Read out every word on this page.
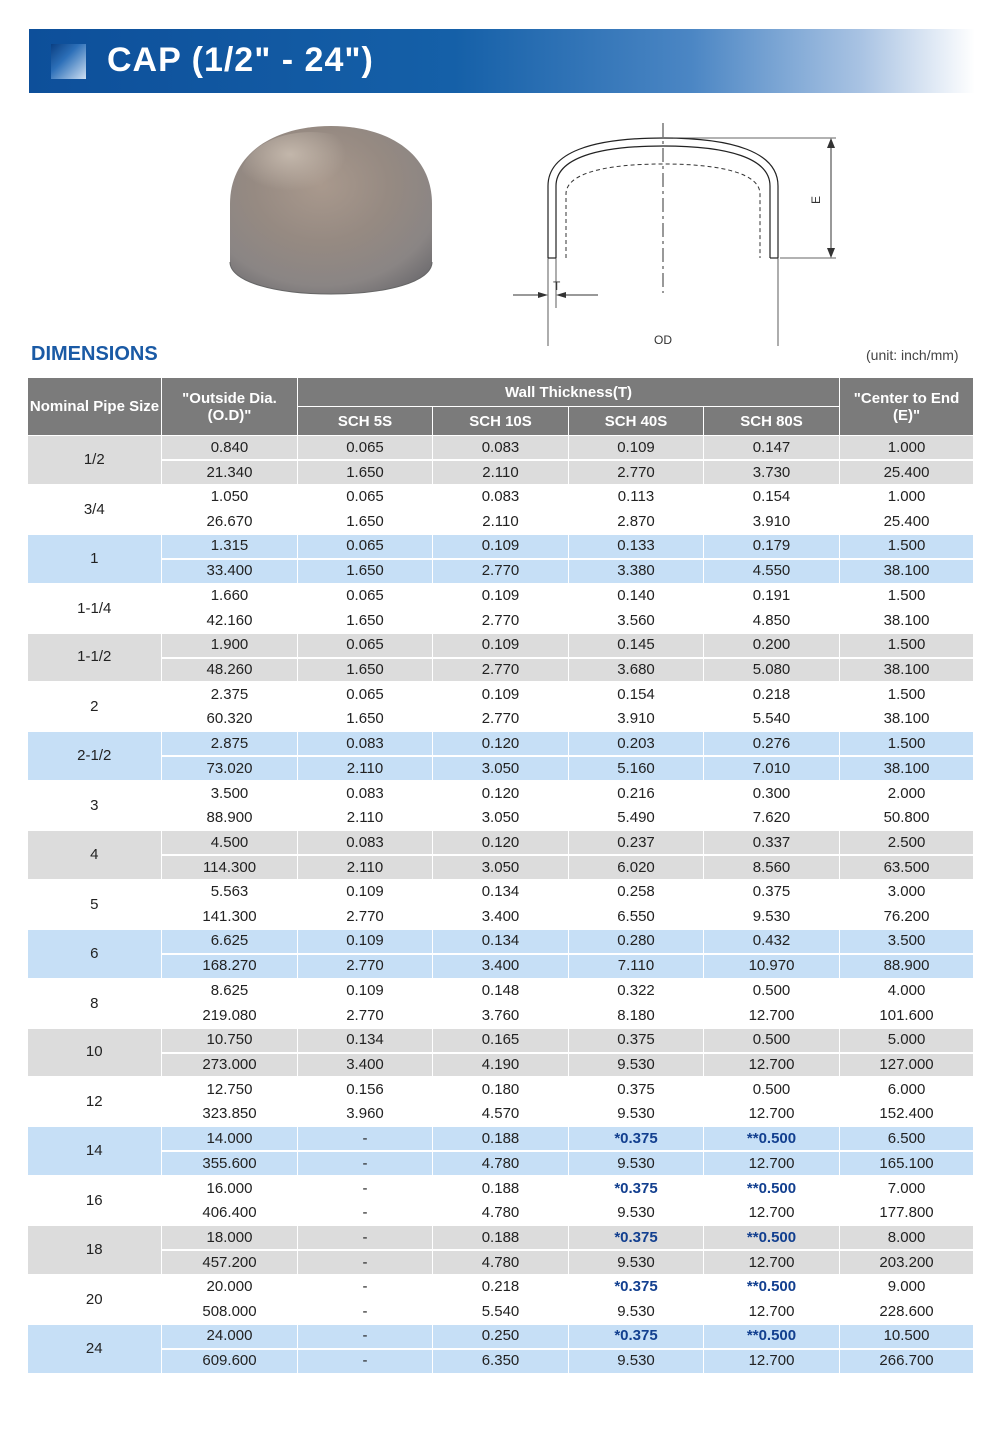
CAP (1/2" - 24")
E
T
OD
DIMENSIONS	(unit: inch/mm)
Nominal Pipe Size	"Outside Dia. (O.D)"	Wall Thickness(T)				"Center to End (E)"
		SCH 5S	SCH 10S	SCH 40S	SCH 80S	
1/2	0.840	0.065	0.083	0.109	0.147	1.000
	21.340	1.650	2.110	2.770	3.730	25.400
3/4	1.050	0.065	0.083	0.113	0.154	1.000
	26.670	1.650	2.110	2.870	3.910	25.400
1	1.315	0.065	0.109	0.133	0.179	1.500
	33.400	1.650	2.770	3.380	4.550	38.100
1-1/4	1.660	0.065	0.109	0.140	0.191	1.500
	42.160	1.650	2.770	3.560	4.850	38.100
1-1/2	1.900	0.065	0.109	0.145	0.200	1.500
	48.260	1.650	2.770	3.680	5.080	38.100
2	2.375	0.065	0.109	0.154	0.218	1.500
	60.320	1.650	2.770	3.910	5.540	38.100
2-1/2	2.875	0.083	0.120	0.203	0.276	1.500
	73.020	2.110	3.050	5.160	7.010	38.100
3	3.500	0.083	0.120	0.216	0.300	2.000
	88.900	2.110	3.050	5.490	7.620	50.800
4	4.500	0.083	0.120	0.237	0.337	2.500
	114.300	2.110	3.050	6.020	8.560	63.500
5	5.563	0.109	0.134	0.258	0.375	3.000
	141.300	2.770	3.400	6.550	9.530	76.200
6	6.625	0.109	0.134	0.280	0.432	3.500
	168.270	2.770	3.400	7.110	10.970	88.900
8	8.625	0.109	0.148	0.322	0.500	4.000
	219.080	2.770	3.760	8.180	12.700	101.600
10	10.750	0.134	0.165	0.375	0.500	5.000
	273.000	3.400	4.190	9.530	12.700	127.000
12	12.750	0.156	0.180	0.375	0.500	6.000
	323.850	3.960	4.570	9.530	12.700	152.400
14	14.000	-	0.188	*0.375	**0.500	6.500
	355.600	-	4.780	9.530	12.700	165.100
16	16.000	-	0.188	*0.375	**0.500	7.000
	406.400	-	4.780	9.530	12.700	177.800
18	18.000	-	0.188	*0.375	**0.500	8.000
	457.200	-	4.780	9.530	12.700	203.200
20	20.000	-	0.218	*0.375	**0.500	9.000
	508.000	-	5.540	9.530	12.700	228.600
24	24.000	-	0.250	*0.375	**0.500	10.500
	609.600	-	6.350	9.530	12.700	266.700
